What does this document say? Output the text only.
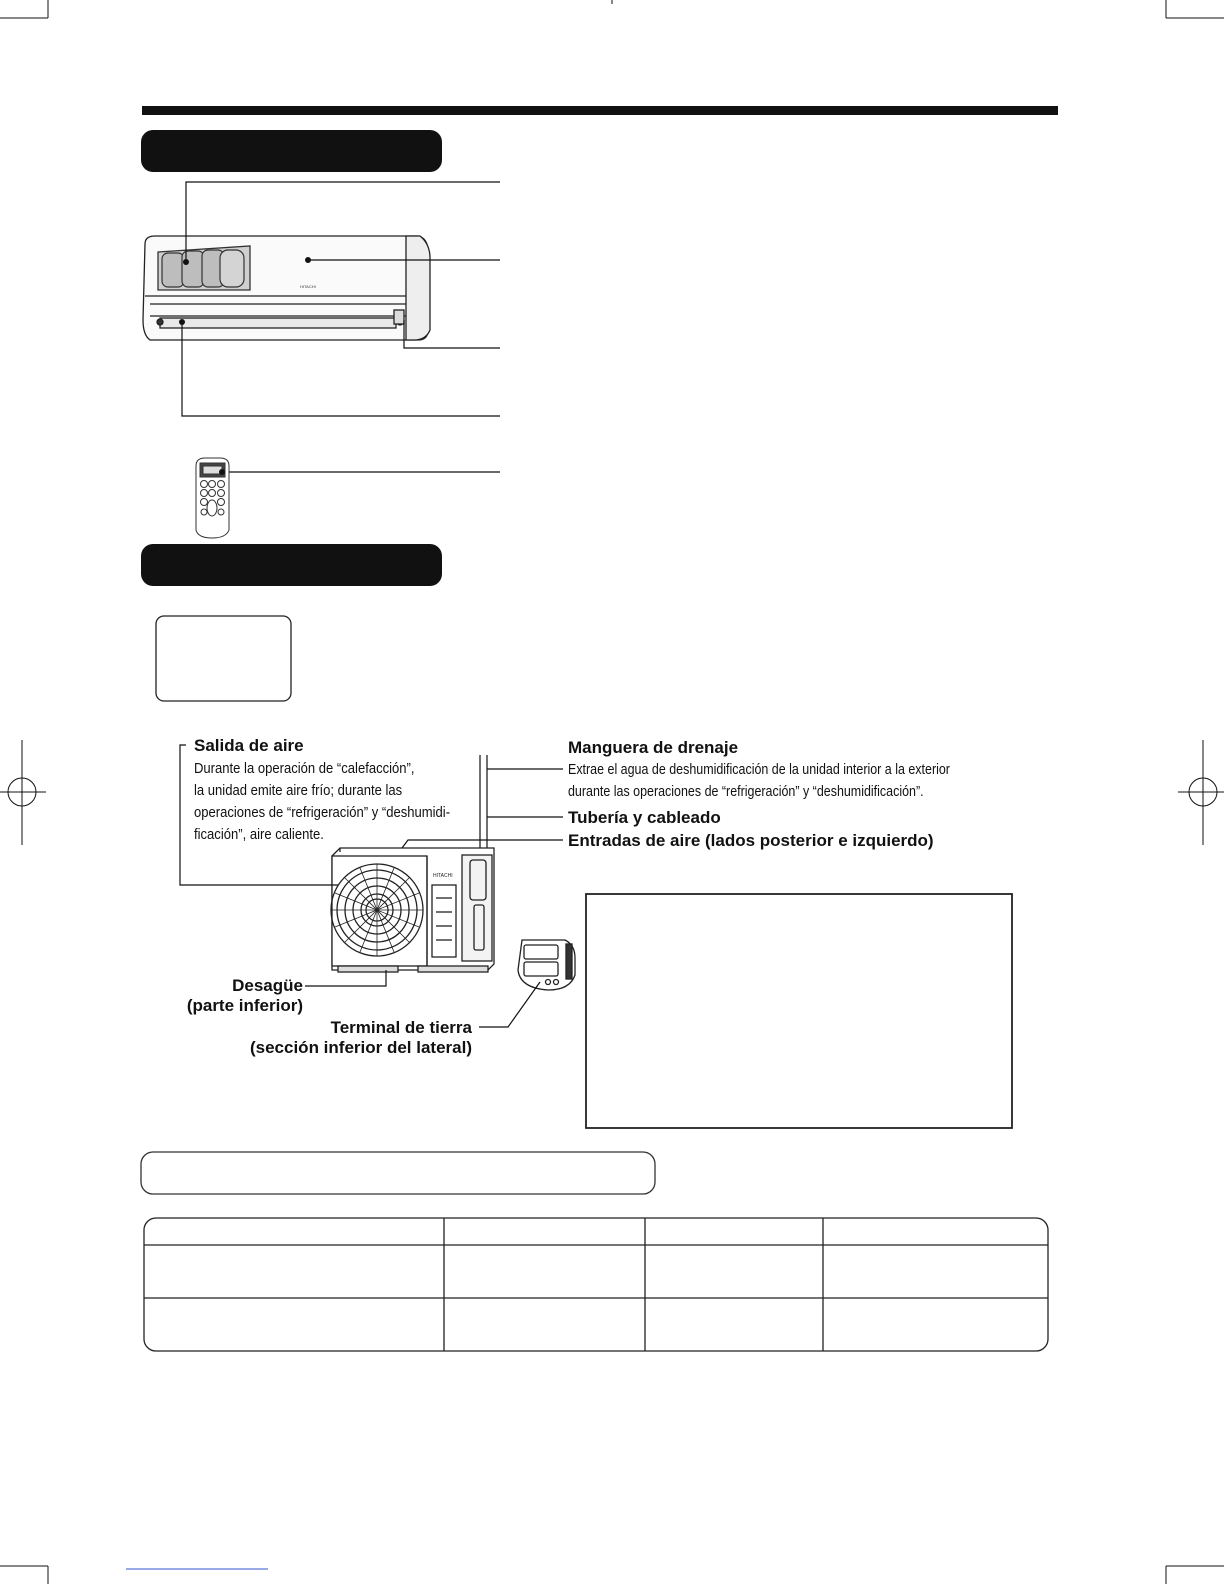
HITACHI
HITACHI
Salida de aire
Durante la operación de “calefacción”,
la unidad emite aire frío; durante las
operaciones de “refrigeración” y “deshumidi-
ficación”, aire caliente.
Manguera de drenaje
Extrae el agua de deshumidificación de la unidad interior a la exterior
durante las operaciones de “refrigeración” y “deshumidificación”.
Tubería y cableado
Entradas de aire (lados posterior e izquierdo)
Desagüe
(parte inferior)
Terminal de tierra
(sección inferior del lateral)
